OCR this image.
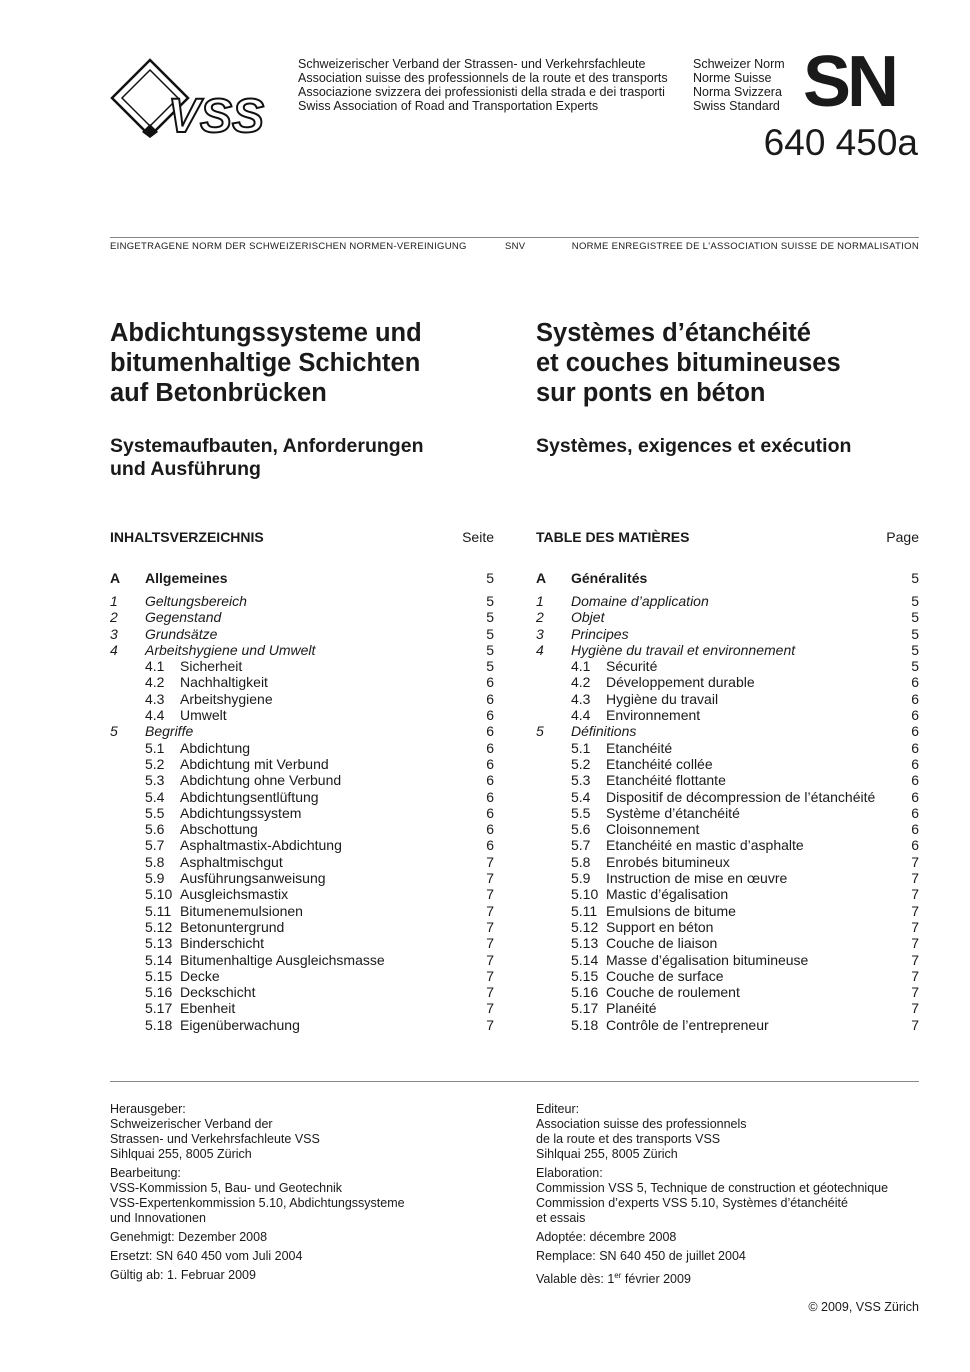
VSS
Schweizerischer Verband der Strassen- und Verkehrsfachleute
Association suisse des professionnels de la route et des transports
Associazione svizzera dei professionisti della strada e dei trasporti
Swiss Association of Road and Transportation Experts
Schweizer Norm
Norme Suisse
Norma Svizzera
Swiss Standard SN
640 450a
EINGETRAGENE NORM DER SCHWEIZERISCHEN NORMEN-VEREINIGUNG	SNV	NORME ENREGISTREE DE L'ASSOCIATION SUISSE DE NORMALISATION
Abdichtungssysteme und
bitumenhaltige Schichten
auf Betonbrücken
Systemaufbauten, Anforderungen
und Ausführung
Systèmes d’étanchéité
et couches bitumineuses
sur ponts en béton
Systèmes, exigences et exécution
INHALTSVERZEICHNIS	Seite
A	Allgemeines	5
1	Geltungsbereich	5
2	Gegenstand	5
3	Grundsätze	5
4	Arbeitshygiene und Umwelt	5
4.1	Sicherheit	5
4.2	Nachhaltigkeit	6
4.3	Arbeitshygiene	6
4.4	Umwelt	6
5	Begriffe	6
5.1	Abdichtung	6
5.2	Abdichtung mit Verbund	6
5.3	Abdichtung ohne Verbund	6
5.4	Abdichtungsentlüftung	6
5.5	Abdichtungssystem	6
5.6	Abschottung	6
5.7	Asphaltmastix-Abdichtung	6
5.8	Asphaltmischgut	7
5.9	Ausführungsanweisung	7
5.10 Ausgleichsmastix	7
5.11 Bitumenemulsionen	7
5.12 Betonuntergrund	7
5.13 Binderschicht	7
5.14 Bitumenhaltige Ausgleichsmasse	7
5.15 Decke	7
5.16 Deckschicht	7
5.17 Ebenheit	7
5.18 Eigenüberwachung	7
TABLE DES MATIÈRES	Page
A	Généralités	5
1	Domaine d’application	5
2	Objet	5
3	Principes	5
4	Hygiène du travail et environnement	5
4.1	Sécurité	5
4.2	Développement durable	6
4.3	Hygiène du travail	6
4.4	Environnement	6
5	Définitions	6
5.1	Etanchéité	6
5.2	Etanchéité collée	6
5.3	Etanchéité flottante	6
5.4	Dispositif de décompression de l’étanchéité	6
5.5	Système d’étanchéité	6
5.6	Cloisonnement	6
5.7	Etanchéité en mastic d’asphalte	6
5.8	Enrobés bitumineux	7
5.9	Instruction de mise en œuvre	7
5.10 Mastic d’égalisation	7
5.11 Emulsions de bitume	7
5.12 Support en béton	7
5.13 Couche de liaison	7
5.14 Masse d’égalisation bitumineuse	7
5.15 Couche de surface	7
5.16 Couche de roulement	7
5.17 Planéité	7
5.18 Contrôle de l’entrepreneur	7
Herausgeber:
Schweizerischer Verband der
Strassen- und Verkehrsfachleute VSS
Sihlquai 255, 8005 Zürich
Bearbeitung:
VSS-Kommission 5, Bau- und Geotechnik
VSS-Expertenkommission 5.10, Abdichtungssysteme
und Innovationen
Genehmigt: Dezember 2008
Ersetzt: SN 640 450 vom Juli 2004
Gültig ab: 1. Februar 2009
Editeur:
Association suisse des professionnels
de la route et des transports VSS
Sihlquai 255, 8005 Zürich
Elaboration:
Commission VSS 5, Technique de construction et géotechnique
Commission d’experts VSS 5.10, Systèmes d’étanchéité
et essais
Adoptée: décembre 2008
Remplace: SN 640 450 de juillet 2004
Valable dès: 1er février 2009
© 2009, VSS Zürich
